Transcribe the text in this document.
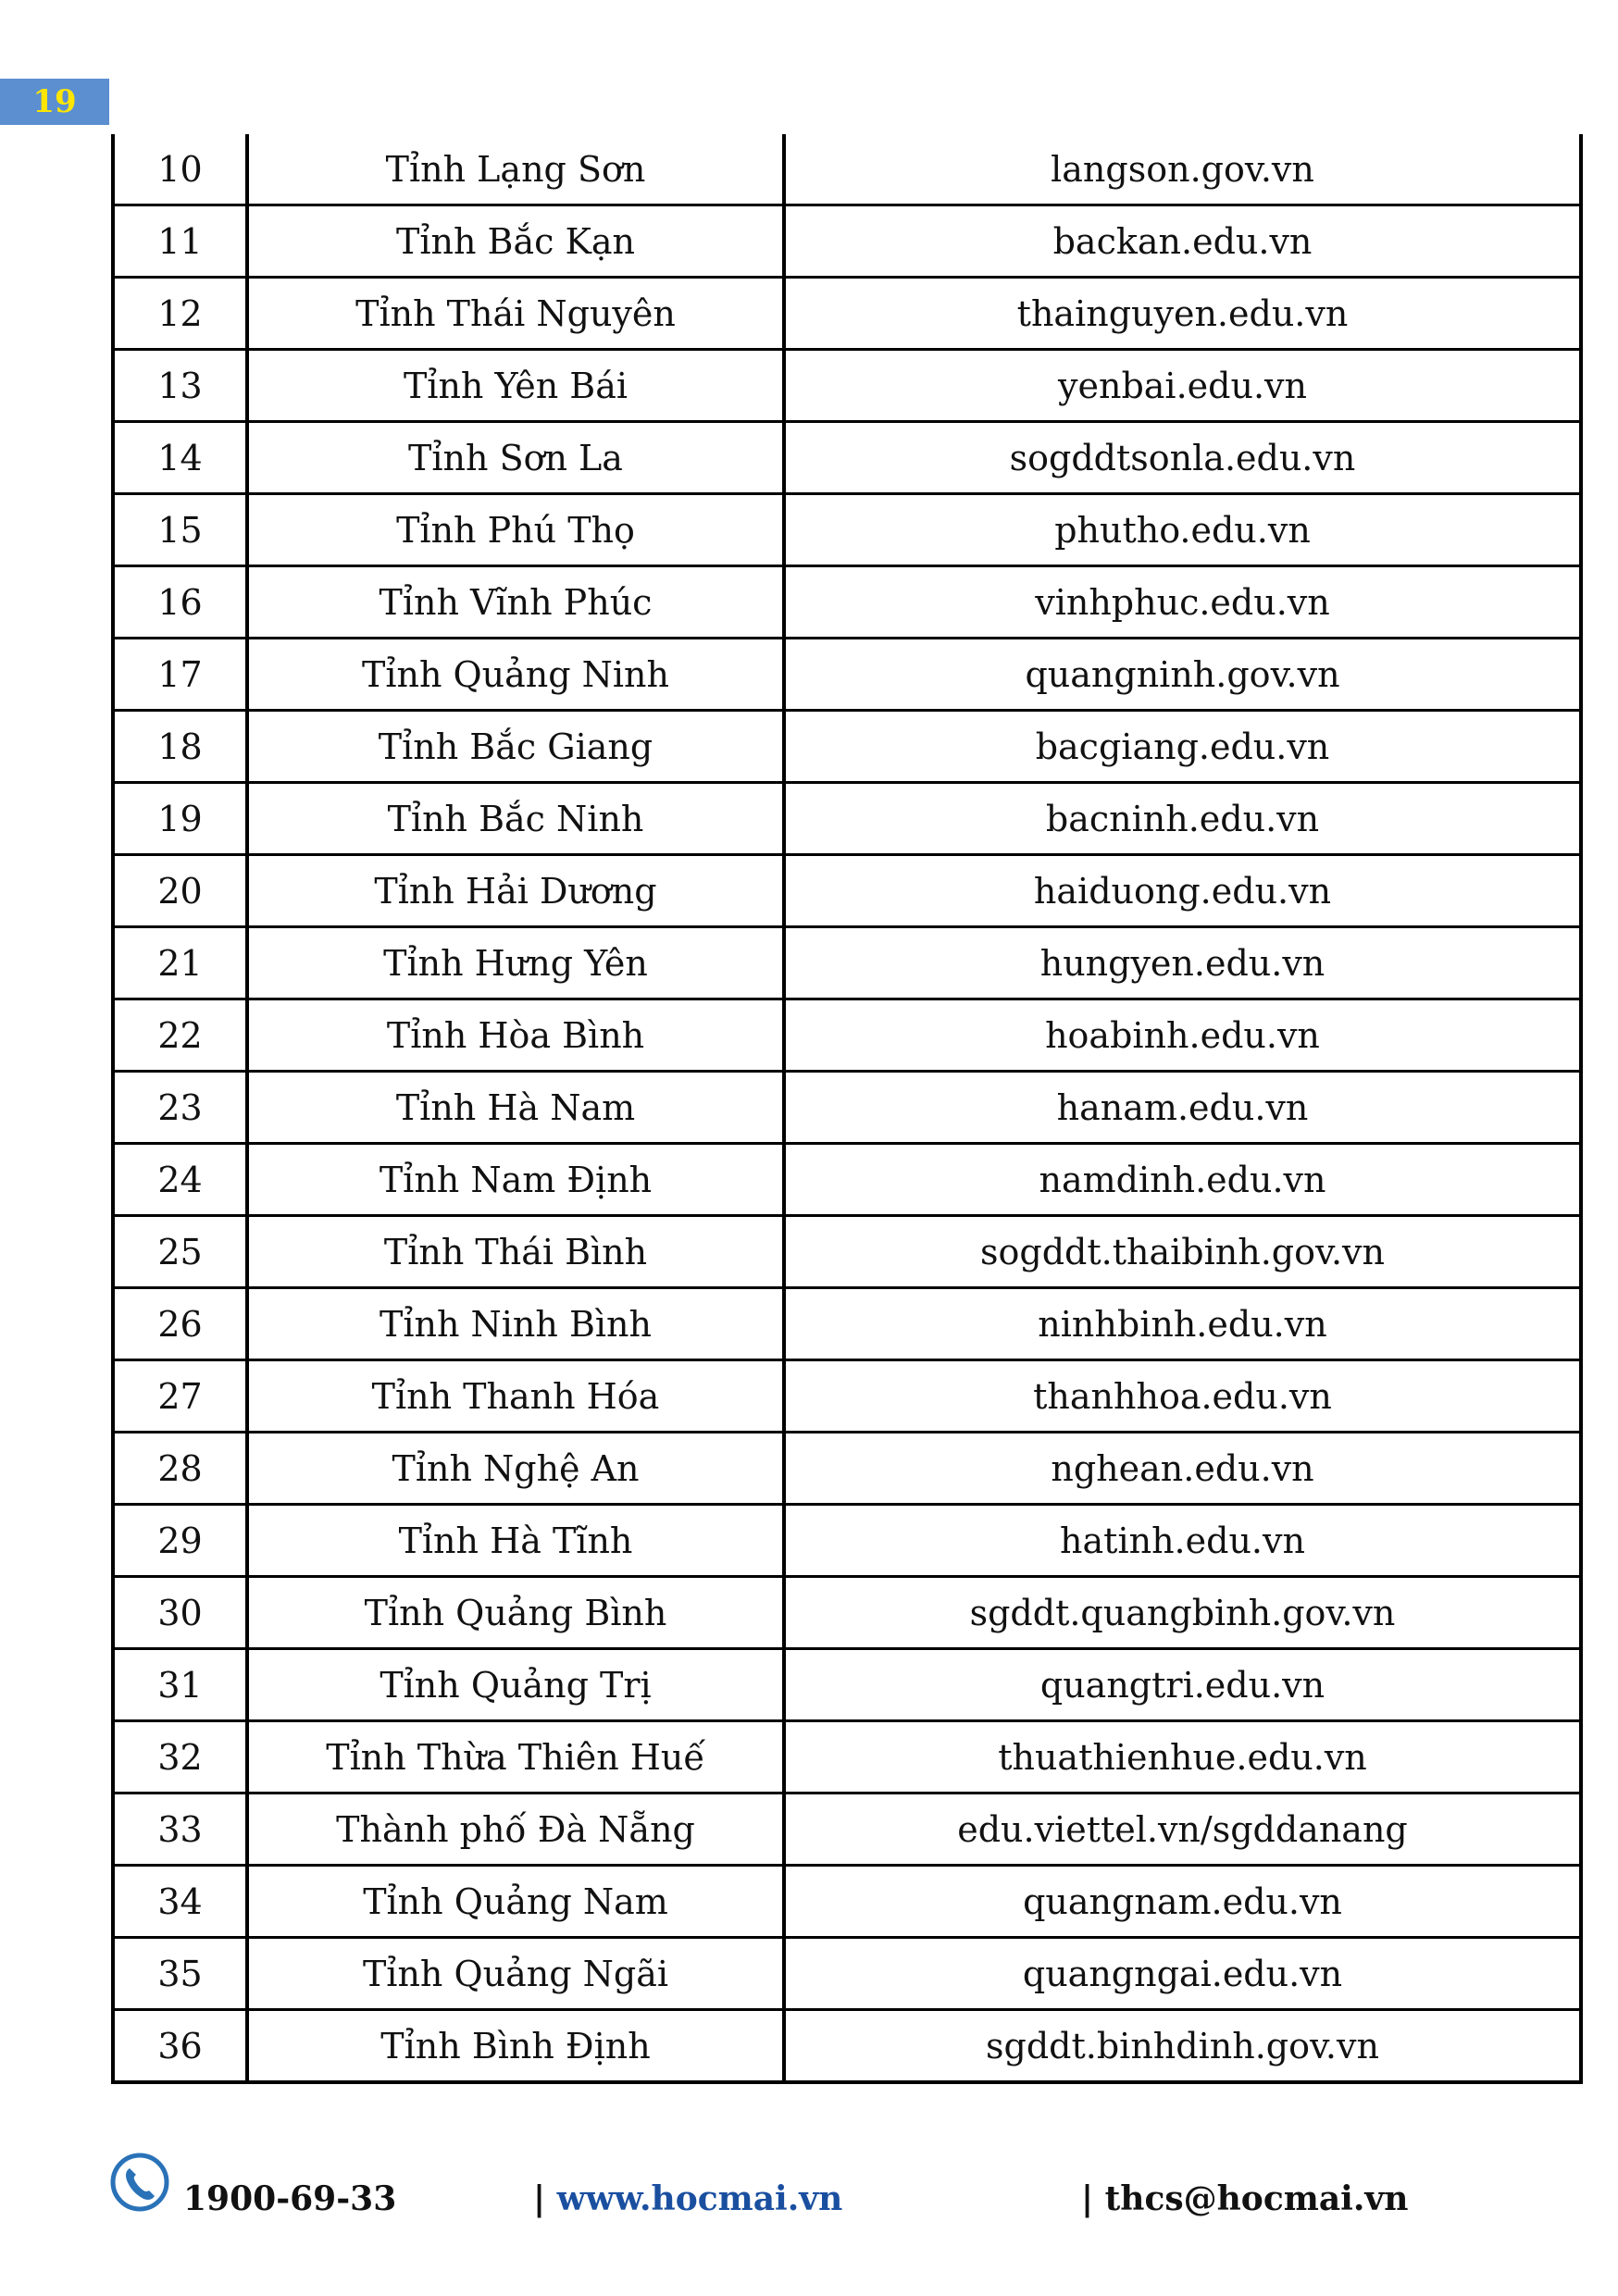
19
10	Tỉnh Lạng Sơn	langson.gov.vn
11	Tỉnh Bắc Kạn	backan.edu.vn
12	Tỉnh Thái Nguyên	thainguyen.edu.vn
13	Tỉnh Yên Bái	yenbai.edu.vn
14	Tỉnh Sơn La	sogddtsonla.edu.vn
15	Tỉnh Phú Thọ	phutho.edu.vn
16	Tỉnh Vĩnh Phúc	vinhphuc.edu.vn
17	Tỉnh Quảng Ninh	quangninh.gov.vn
18	Tỉnh Bắc Giang	bacgiang.edu.vn
19	Tỉnh Bắc Ninh	bacninh.edu.vn
20	Tỉnh Hải Dương	haiduong.edu.vn
21	Tỉnh Hưng Yên	hungyen.edu.vn
22	Tỉnh Hòa Bình	hoabinh.edu.vn
23	Tỉnh Hà Nam	hanam.edu.vn
24	Tỉnh Nam Định	namdinh.edu.vn
25	Tỉnh Thái Bình	sogddt.thaibinh.gov.vn
26	Tỉnh Ninh Bình	ninhbinh.edu.vn
27	Tỉnh Thanh Hóa	thanhhoa.edu.vn
28	Tỉnh Nghệ An	nghean.edu.vn
29	Tỉnh Hà Tĩnh	hatinh.edu.vn
30	Tỉnh Quảng Bình	sgddt.quangbinh.gov.vn
31	Tỉnh Quảng Trị	quangtri.edu.vn
32	Tỉnh Thừa Thiên Huế	thuathienhue.edu.vn
33	Thành phố Đà Nẵng	edu.viettel.vn/sgddanang
34	Tỉnh Quảng Nam	quangnam.edu.vn
35	Tỉnh Quảng Ngãi	quangngai.edu.vn
36	Tỉnh Bình Định	sgddt.binhdinh.gov.vn
1900-69-33	| www.hocmai.vn	| thcs@hocmai.vn
